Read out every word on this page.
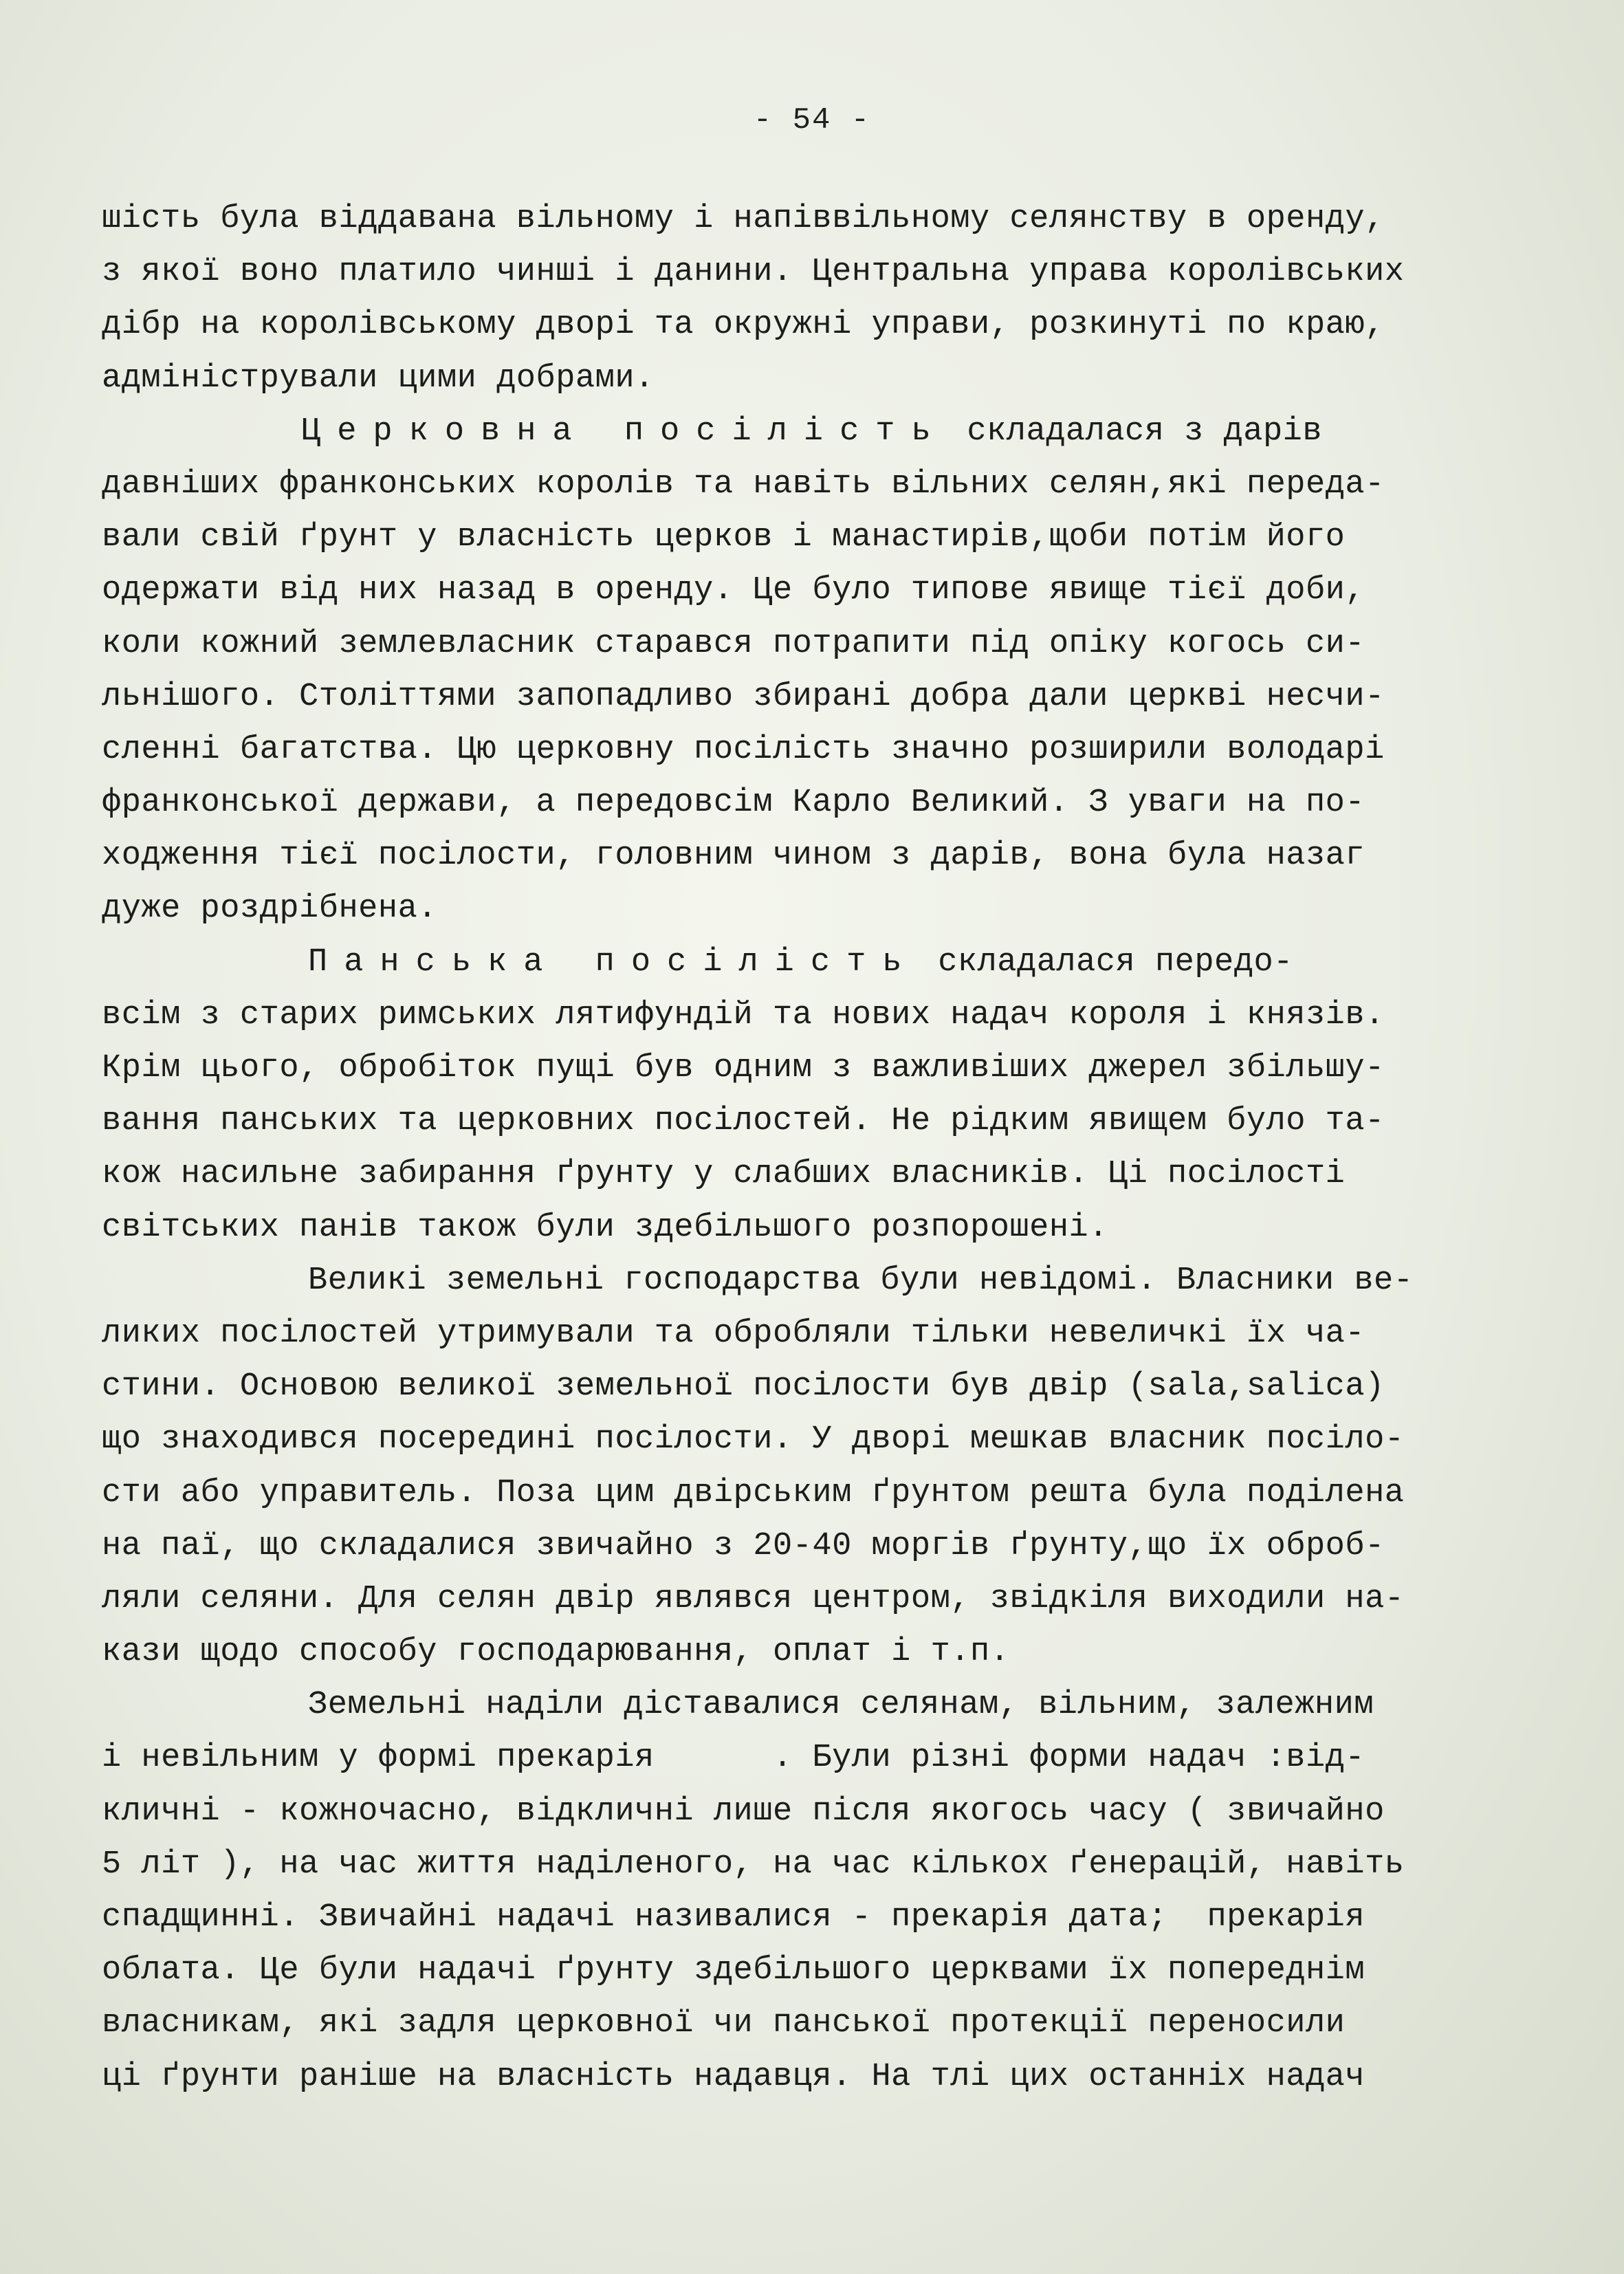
- 54 -
шість була віддавана вільному і напіввільному селянству в оренду,
з якої воно платило чинші і данини. Центральна управа королівських
дібр на королівському дворі та окружні управи, розкинуті по краю,
адміністрували цими добрами.
Церковна посілість складалася з дарів
давніших франконських королів та навіть вільних селян,які переда-
вали свій ґрунт у власність церков і манастирів,щоби потім його
одержати від них назад в оренду. Це було типове явище тієї доби,
коли кожний землевласник старався потрапити під опіку когось си-
льнішого. Століттями запопадливо збирані добра дали церкві несчи-
сленні багатства. Цю церковну посілість значно розширили володарі
франконської держави, а передовсім Карло Великий. З уваги на по-
ходження тієї посілости, головним чином з дарів, вона була назаг
дуже роздрібнена.
Панська посілість складалася передо-
всім з старих римських лятифундій та нових надач короля і князів.
Крім цього, обробіток пущі був одним з важливіших джерел збільшу-
вання панських та церковних посілостей. Не рідким явищем було та-
кож насильне забирання ґрунту у слабших власників. Ці посілості
світських панів також були здебільшого розпорошені.
Великі земельні господарства були невідомі. Власники ве-
ликих посілостей утримували та обробляли тільки невеличкі їх ча-
стини. Основою великої земельної посілости був двір (sala,salica)
що знаходився посередині посілости. У дворі мешкав власник посіло-
сти або управитель. Поза цим двірським ґрунтом решта була поділена
на паї, що складалися звичайно з 20-40 моргів ґрунту,що їх оброб-
ляли селяни. Для селян двір являвся центром, звідкіля виходили на-
кази щодо способу господарювання, оплат і т.п.
Земельні наділи діставалися селянам, вільним, залежним
і невільним у формі прекарія      . Були різні форми надач :від-
кличні - кожночасно, відкличні лише після якогось часу ( звичайно
5 літ ), на час життя наділеного, на час кількох ґенерацій, навіть
спадщинні. Звичайні надачі називалися - прекарія дата;  прекарія
облата. Це були надачі ґрунту здебільшого церквами їх попереднім
власникам, які задля церковної чи панської протекції переносили
ці ґрунти раніше на власність надавця. На тлі цих останніх надач
